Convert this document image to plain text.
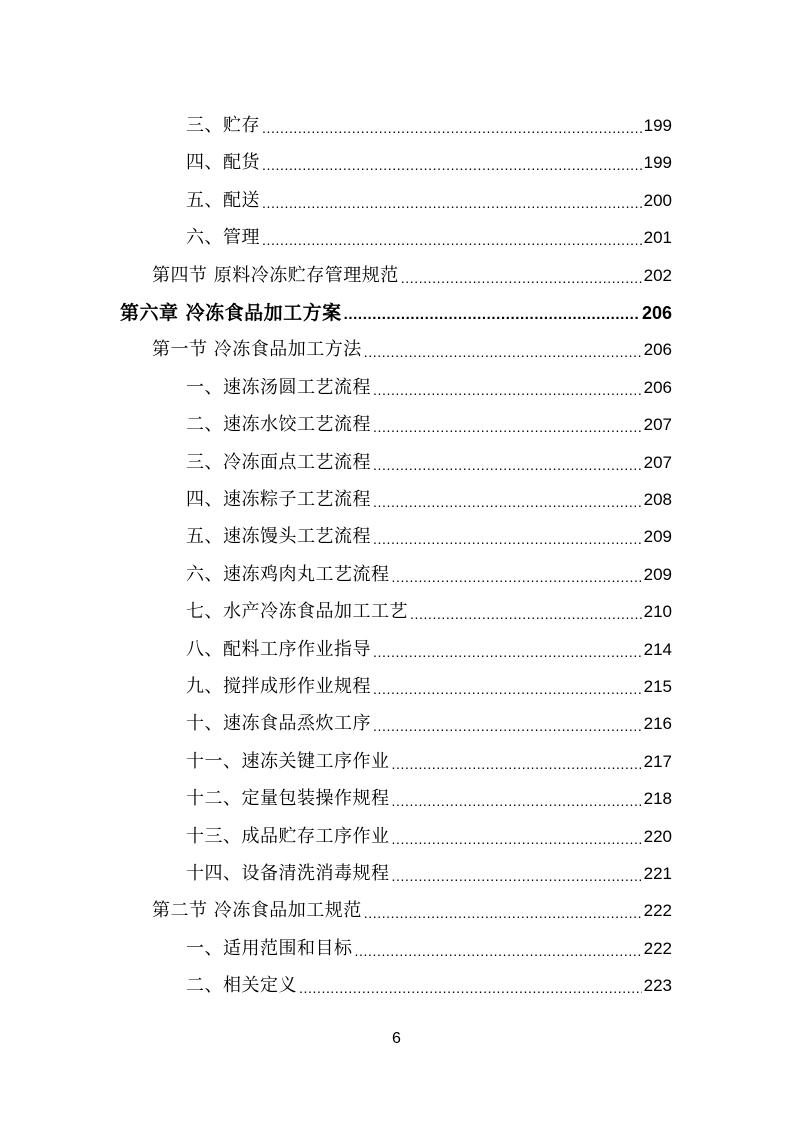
三、贮存 .....	199
四、配货 .....	199
五、配送 .....	200
六、管理 .....	201
第四节 原料冷冻贮存管理规范 .....	202
第六章 冷冻食品加工方案 .....	206
第一节 冷冻食品加工方法 .....	206
一、速冻汤圆工艺流程 .....	206
二、速冻水饺工艺流程 .....	207
三、冷冻面点工艺流程 .....	207
四、速冻粽子工艺流程 .....	208
五、速冻馒头工艺流程 .....	209
六、速冻鸡肉丸工艺流程 .....	209
七、水产冷冻食品加工工艺 .....	210
八、配料工序作业指导 .....	214
九、搅拌成形作业规程 .....	215
十、速冻食品烝炊工序 .....	216
十一、速冻关键工序作业 .....	217
十二、定量包装操作规程 .....	218
十三、成品贮存工序作业 .....	220
十四、设备清洗消毒规程 .....	221
第二节 冷冻食品加工规范 .....	222
一、适用范围和目标 .....	222
二、相关定义 .....	223
6
